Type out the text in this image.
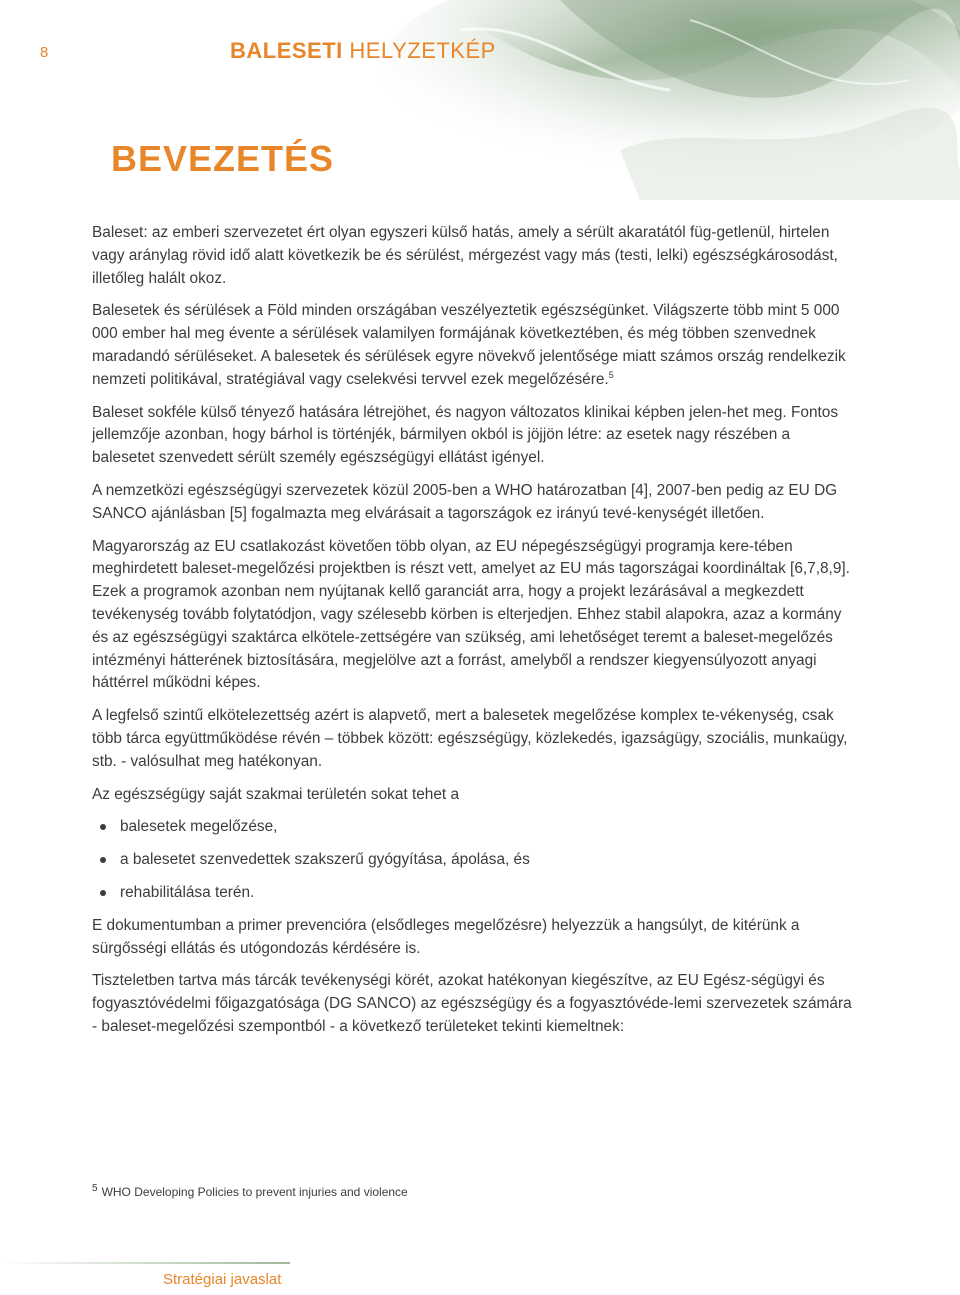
8	BALESETI HELYZETKÉP
BEVEZETÉS

Baleset: az emberi szervezetet ért olyan egyszeri külső hatás, amely a sérült akaratától füg-getlenül, hirtelen vagy aránylag rövid idő alatt következik be és sérülést, mérgezést vagy más (testi, lelki) egészségkárosodást, illetőleg halált okoz.

Balesetek és sérülések a Föld minden országában veszélyeztetik egészségünket. Világszerte több mint 5 000 000 ember hal meg évente a sérülések valamilyen formájának következtében, és még többen szenvednek maradandó sérüléseket. A balesetek és sérülések egyre növekvő jelentősége miatt számos ország rendelkezik nemzeti politikával, stratégiával vagy cselekvési tervvel ezek megelőzésére.$^5$

Baleset sokféle külső tényező hatására létrejöhet, és nagyon változatos klinikai képben jelen-het meg. Fontos jellemzője azonban, hogy bárhol is történjék, bármilyen okból is jöjjön létre: az esetek nagy részében a balesetet szenvedett sérült személy egészségügyi ellátást igényel.

A nemzetközi egészségügyi szervezetek közül 2005-ben a WHO határozatban [4], 2007-ben pedig az EU DG SANCO ajánlásban [5] fogalmazta meg elvárásait a tagországok ez irányú tevé-kenységét illetően.

Magyarország az EU csatlakozást követően több olyan, az EU népegészségügyi programja kere-tében meghirdetett baleset-megelőzési projektben is részt vett, amelyet az EU más tagországai koordináltak [6,7,8,9]. Ezek a programok azonban nem nyújtanak kellő garanciát arra, hogy a projekt lezárásával a megkezdett tevékenység tovább folytatódjon, vagy szélesebb körben is elterjedjen. Ehhez stabil alapokra, azaz a kormány és az egészségügyi szaktárca elkötele-zettségére van szükség, ami lehetőséget teremt a baleset-megelőzés intézményi hátterének biztosítására, megjelölve azt a forrást, amelyből a rendszer kiegyensúlyozott anyagi háttérrel működni képes.

A legfelső szintű elkötelezettség azért is alapvető, mert a balesetek megelőzése komplex te-vékenység, csak több tárca együttműködése révén – többek között: egészségügy, közlekedés, igazságügy, szociális, munkaügy, stb. - valósulhat meg hatékonyan.

Az egészségügy saját szakmai területén sokat tehet a

balesetek megelőzése,
a balesetet szenvedettek szakszerű gyógyítása, ápolása, és
rehabilitálása terén.

E dokumentumban a primer prevencióra (elsődleges megelőzésre) helyezzük a hangsúlyt, de kitérünk a sürgősségi ellátás és utógondozás kérdésére is.

Tiszteletben tartva más tárcák tevékenységi körét, azokat hatékonyan kiegészítve, az EU Egész-ségügyi és fogyasztóvédelmi főigazgatósága (DG SANCO) az egészségügy és a fogyasztóvéde-lemi szervezetek számára - baleset-megelőzési szempontból - a következő területeket tekinti kiemeltnek:

$^5$ WHO Developing Policies to prevent injuries and violence
Stratégiai javaslat
